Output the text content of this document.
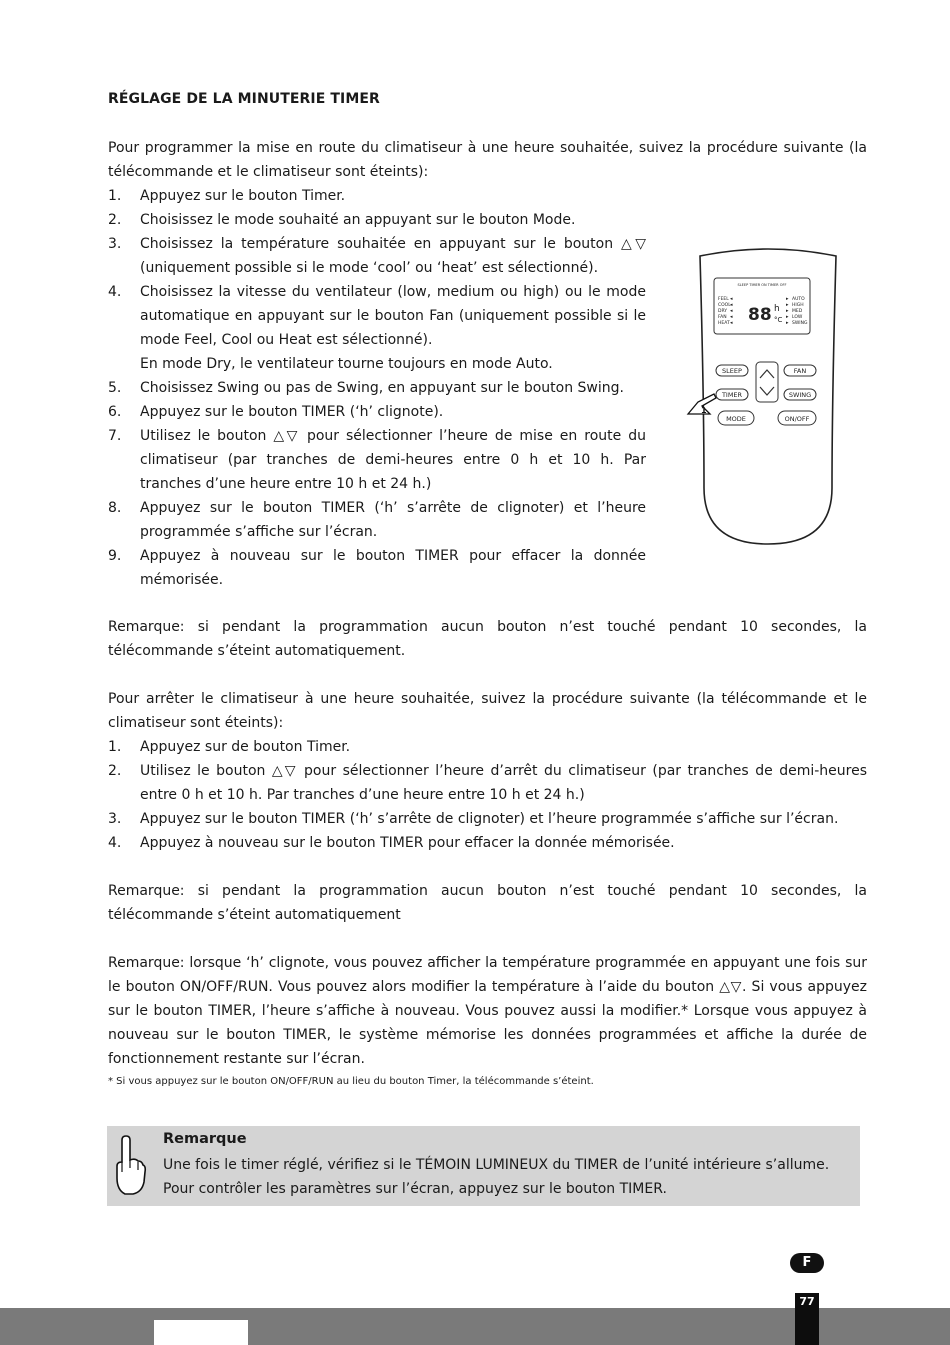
RÉGLAGE DE LA MINUTERIE TIMER

Pour programmer la mise en route du climatiseur à une heure souhaitée, suivez la procédure suivante (la télécommande et le climatiseur sont éteints):

1. Appuyez sur le bouton Timer.
2. Choisissez le mode souhaité an appuyant sur le bouton Mode.
3. Choisissez la température souhaitée en appuyant sur le bouton △▽ (uniquement possible si le mode ‘cool’ ou ‘heat’ est sélectionné).
4. Choisissez la vitesse du ventilateur (low, medium ou high) ou le mode automatique en appuyant sur le bouton Fan (uniquement possible si le mode Feel, Cool ou Heat est sélectionné).
En mode Dry, le ventilateur tourne toujours en mode Auto.
5. Choisissez Swing ou pas de Swing, en appuyant sur le bouton Swing.
6. Appuyez sur le bouton TIMER (‘h’ clignote).
7. Utilisez le bouton △▽ pour sélectionner l’heure de mise en route du climatiseur (par tranches de demi-heures entre 0 h et 10 h. Par tranches d’une heure entre 10 h et 24 h.)
8. Appuyez sur le bouton TIMER (‘h’ s’arrête de clignoter) et l’heure programmée s’affiche sur l’écran.
9. Appuyez à nouveau sur le bouton TIMER pour effacer la donnée mémorisée.

Remarque: si pendant la programmation aucun bouton n’est touché pendant 10 secondes, la télécommande s’éteint automatiquement.

Pour arrêter le climatiseur à une heure souhaitée, suivez la procédure suivante (la télécommande et le climatiseur sont éteints):

1. Appuyez sur de bouton Timer.
2. Utilisez le bouton △▽ pour sélectionner l’heure d’arrêt du climatiseur (par tranches de demi-heures entre 0 h et 10 h. Par tranches d’une heure entre 10 h et 24 h.)
3. Appuyez sur le bouton TIMER (‘h’ s’arrête de clignoter) et l’heure programmée s’affiche sur l’écran.
4. Appuyez à nouveau sur le bouton TIMER pour effacer la donnée mémorisée.

Remarque: si pendant la programmation aucun bouton n’est touché pendant 10 secondes, la télécommande s’éteint automatiquement

Remarque: lorsque ‘h’ clignote, vous pouvez afficher la température programmée en appuyant une fois sur le bouton ON/OFF/RUN. Vous pouvez alors modifier la température à l’aide du bouton △▽. Si vous appuyez sur le bouton TIMER, l’heure s’affiche à nouveau. Vous pouvez aussi la modifier.* Lorsque vous appuyez à nouveau sur le bouton TIMER, le système mémorise les données programmées et affiche la durée de fonctionnement restante sur l’écran.

* Si vous appuyez sur le bouton ON/OFF/RUN au lieu du bouton Timer, la télécommande s’éteint.
SLEEP TIMER ON TIMER OFF
FEEL
COOL
DRY
FAN
HEAT
AUTO
HIGH
MED
LOW
SWING
◂
◂
◂
◂
◂
▸
▸
▸
▸
▸
88 h
°C
SLEEP	FAN
TIMER	SWING
MODE	ON/OFF
1
Remarque
Une fois le timer réglé, vérifiez si le TÉMOIN LUMINEUX du TIMER de l’unité intérieure s’allume.
Pour contrôler les paramètres sur l’écran, appuyez sur le bouton TIMER.
F
77
